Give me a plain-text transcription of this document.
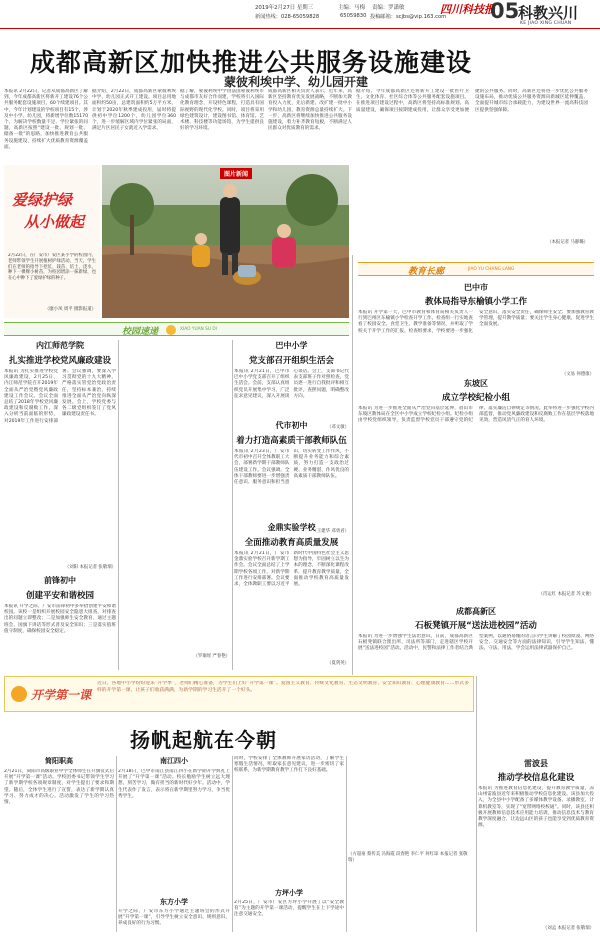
2019年2月27日 星期三	主编：马梅 责编：罗潇敏	四川科技报
新闻热线：028-65059828	65059830 投稿邮箱：scjbs@vip.163.com 05
科教兴川
KE JIAO XING CHUAN
成都高新区加快推进公共服务设施建设
蒙彼利埃中学、幼儿园开建
本报讯 2月22日，记者从成都高新区了解到，今年成都高新区将新开工建设76个公共服务配套设施项目，60个续建项目。其中，今年计划建设的学校项目有15个，涉及中小学、幼儿园，将新增学位数15170个。为解决学校数量不足、学位紧张的问题，高新区按照“建设一批、规划一批、储备一批”的思路，加快推进教育公共服务设施建设，持续扩大优质教育资源覆盖面。
据介绍，2月22日，成都高新区蒙彼利埃中学、幼儿园正式开工建设。项目总用地面积约50亩，总建筑面积约5万平方米，计划于2020年秋季建成投用，届时将提供初中学位1200个，幼儿园学位360个，进一步缓解区域内学位紧张的局面，满足片区居民子女就近入学需求。
据了解，蒙彼利埃中学由法国蒙彼利埃市与成都市友好合作而建，学校将引入国际化教育理念，开设特色课程，打造具有国际视野的现代化学校。同时，项目将采用绿色建筑设计，建设图书馆、体育馆、艺术楼、科技楼等功能场馆，为学生提供良好的学习环境。
成都高新区相关负责人表示，近年来，高新区坚持教育优先发展战略，不断加大教育投入力度，先后新建、改扩建一批中小学和幼儿园，教育资源总量持续扩大。下一步，高新区将继续加快推进公共服务设施建设，着力补齐教育短板，不断满足人民群众对优质教育的需求。
据介绍，今年成都高新区还将新开工建设一批医疗卫生、文化体育、社区综合体等公共服务配套设施项目。在推进项目建设过程中，高新区将坚持高标准规划、高质量建设，确保项目按期建成投用，让群众享受更加便捷的公共服务。同时，高新区还将进一步优化公共服务设施布局，推动优质公共服务资源向新城区延伸覆盖，全面提升城市综合承载能力，为建设世界一流高科技园区提供坚强保障。
（本报记者 马静璐）
爱绿护绿
从小做起
2月22日，在广安市广安区某小学的校园内，老师带领学生开展植树护绿活动。当天，学生们在老师的指导下挖坑、栽苗、培土、浇水，种下一棵棵小树苗，为校园增添一抹新绿，也在心中种下了爱绿护绿的种子。
（廖小凤 周平 摄影报道）
图片新闻
校园速递	XIAO YUAN SU DI
内江师范学院
扎实推进学校党风廉政建设
本报讯 为扎实推进学校党风廉政建设，2月25日，内江师范学院召开2019年全面从严治党暨党风廉政建设工作会议。会议全面总结了2018年学校党风廉政建设和反腐败工作，深入分析当前面临的形势，对2019年工作进行安排部署。会议强调，要深入学习贯彻党的十九大精神，严格落实管党治党政治责任，坚持标本兼治，持续推进全面从严治党向纵深发展。会上，学校党委与各二级党组织签订了党风廉政建设责任书。
（刘阳 本报记者 张敬瑞）
前锋初中
创建平安和谐校园
本报讯 开学之际，广安市前锋初中多举措创建平安和谐校园。该校一是组织开展校园安全隐患大排查，对排查出的问题立即整改；二是加强师生安全教育，通过主题班会、国旗下讲话等形式普及安全知识；三是落实值班值守制度，确保校园安全稳定。
（罗瑜瑶 严春艳）
巴中小学
党支部召开组织生活会
本报讯 2月21日，巴中市巴中小学党支部召开了组织生活会。会前，支部认真组织党员开展集中学习，广泛征求意见建议，深入开展谈心谈话。会上，支部书记代表支部班子作对照检查，党员逐一进行自我批评和相互批评，查摆问题，明确整改方向。
（邓文敏）
代市初中
着力打造高素质干部教师队伍
本报讯 2月23日，广安市代市初中召开全体教职工大会，部署新学期干部教师队伍建设工作。会议强调，全体干部教师要进一步增强责任意识、服务意识和担当意识，切实转变工作作风，不断提升业务能力和综合素质，努力打造一支政治过硬、业务精湛、作风优良的高素质干部教师队伍。
（王建华 邓勇君）
金鼎实验学校
全面推动教育高质量发展
本报讯 2月21日，广安市金鼎实验学校召开新学期工作会。会议全面总结了上学期学校各项工作，对新学期工作进行安排部署。会议要求，全体教职工要以习近平新时代中国特色社会主义思想为指导，牢固树立以生为本的理念，不断深化课程改革，提升教育教学质量，全面推动学校教育高质量发展。
（夏剑英）
教育长廊	JIAO YU CHANG LANG
巴中市
教体局指导东榆镇小学工作
本报讯 开学第一天，巴中市教育和体育局相关负责人一行到巴州区东榆镇小学检查开学工作。检查组一行实地查看了校园安全、食堂卫生、教学准备等情况，并听取了学校关于开学工作的汇报。检查组要求，学校要进一步强化安全意识，落实安全责任，确保师生安全；要加强教育教学管理，提升教学质量；要关注学生身心健康，促进学生全面发展。
（文易 何德康）
东坡区
成立学校纪检小组
本报讯 为进一步推进全面从严治党向基层延伸，眉山市东坡区教体局在全区中小学成立学校纪检小组。纪检小组由学校党组织领导，负责监督学校党员干部遵守党的纪律、落实廉洁自律规定等情况。此举将进一步强化学校内部监督，推动党风廉政建设和反腐败工作在基层学校落地见效，营造风清气正的育人环境。
（肖运红 本报记者 苏文俊）
成都高新区
石板凳镇开展“送法进校园”活动
本报讯 为进一步增强学生法治意识，日前，成都高新区石板凳镇联合派出所、司法所等部门，走进辖区学校开展“送法进校园”活动。活动中，民警和法律工作者结合典型案例，以通俗易懂的语言向学生讲解了校园欺凌、网络安全、交通安全等方面的法律知识，引导学生知法、懂法、守法、用法，学会运用法律武器保护自己。
雷波县
推动学校信息化建设
本报讯 为推进教育信息化建设，提升教育教学质量，凉山州雷波县近年来积极推动学校信息化建设。该县加大投入，为全县中小学配备了多媒体教学设备、录播教室、计算机教室等，实现了“宽带网络校校通”。同时，该县还积极开展教师信息技术应用能力培训，推动信息技术与教育教学深度融合，让边远山区的孩子也能享受到优质教育资源。
（刘孟 本报记者 张敬瑞）
开学第一课
近日，各地中小学纷纷迎来“开学季”，老师们精心准备，为学生们上好“开学第一课”。爱国主义教育、传统文化教育、生态文明教育、安全知识教育、心理健康教育……形式多样的开学第一课，让孩子们收获满满，为新学期的学习生活开了一个好头。
扬帆起航在今朝
简阳职高
2月21日，简阳市高级职业中学全体师生在升旗仪式后开展“开学第一课”活动。学校团委书记带领学生学习了新学期学校各项规章制度，对学生提出了要求和期望。随后，全体学生进行了宣誓，表达了新学期认真学习、努力成才的决心。活动激发了学生的学习热情。
南江四小
2月18日，巴中市南江县南江四小在新学期开学典礼上开展了“开学第一课”活动。校长勉励学生树立远大理想，刻苦学习，做有担当的新时代好少年。活动中，学生代表作了发言，表示将在新学期里努力学习，争当优秀学生。
东方小学
开学之际，广安市东方小学通过主题班会的形式开展“开学第一课”，引导学生树立安全意识、规则意识，养成良好的行为习惯。
同时，学校安排了全体教师开展家访活动，了解学生寒假生活情况，听取家长意见建议，进一步密切了家校联系，为新学期教育教学工作打下良好基础。
方坪小学
2月25日，广安市广安区方坪小学开展了以“安全教育”为主题的开学第一课活动，提醒学生在上下学途中注意交通安全。
（方超豪 蔡传美 冯海霞 段春艳 李仁平 何红琼 本报记者 张敬瑞）
